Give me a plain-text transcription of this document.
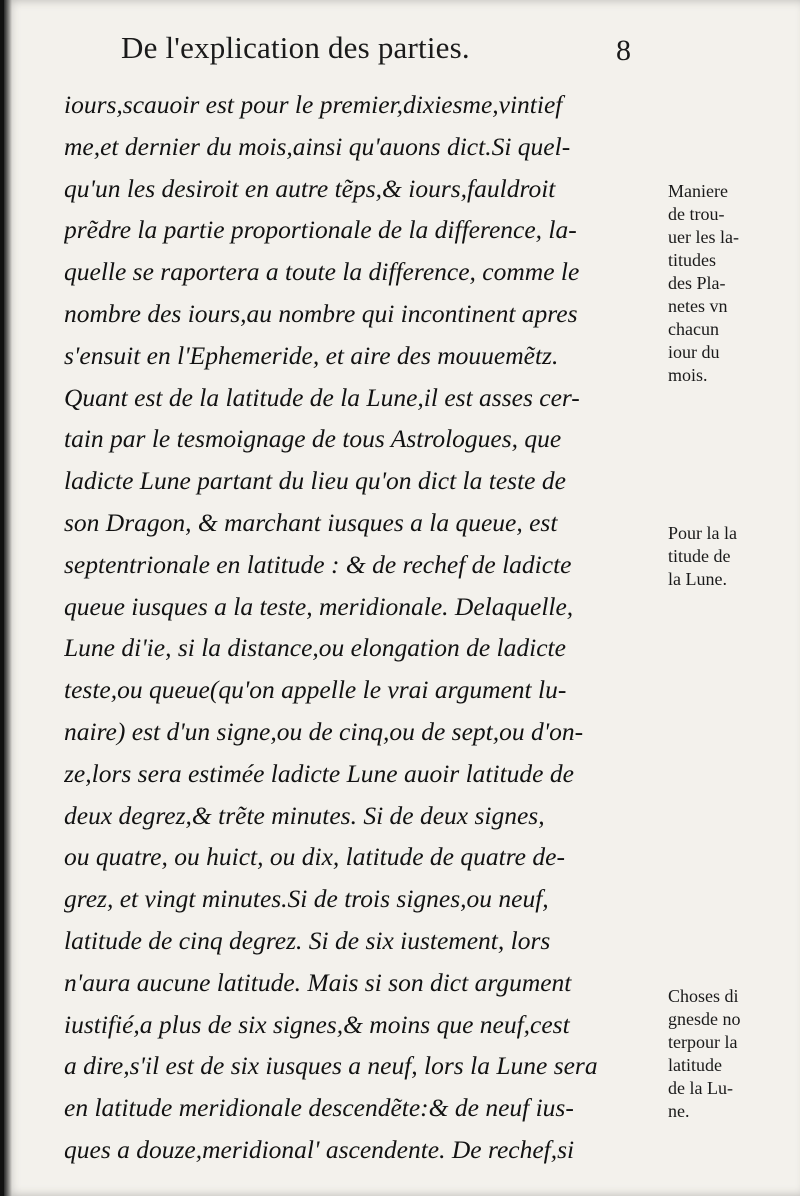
De l'explication des parties.	8
iours,scauoir est pour le premier,dixiesme,vintief
me,et dernier du mois,ainsi qu'auons dict.Si quel-
qu'un les desiroit en autre tẽps,& iours,fauldroit
prẽdre la partie proportionale de la difference, la-
quelle se raportera a toute la difference, comme le
nombre des iours,au nombre qui incontinent apres
s'ensuit en l'Ephemeride, et aire des mouuemẽtz.
Quant est de la latitude de la Lune,il est asses cer-
tain par le tesmoignage de tous Astrologues, que
ladicte Lune partant du lieu qu'on dict la teste de
son Dragon, & marchant iusques a la queue, est
septentrionale en latitude : & de rechef de ladicte
queue iusques a la teste, meridionale. Delaquelle,
Lune di'ie, si la distance,ou elongation de ladicte
teste,ou queue(qu'on appelle le vrai argument lu-
naire) est d'un signe,ou de cinq,ou de sept,ou d'on-
ze,lors sera estimée ladicte Lune auoir latitude de
deux degrez,& trẽte minutes. Si de deux signes,
ou quatre, ou huict, ou dix, latitude de quatre de-
grez, et vingt minutes.Si de trois signes,ou neuf,
latitude de cinq degrez. Si de six iustement, lors
n'aura aucune latitude. Mais si son dict argument
iustifié,a plus de six signes,& moins que neuf,cest
a dire,s'il est de six iusques a neuf, lors la Lune sera
en latitude meridionale descendẽte:& de neuf ius-
ques a douze,meridional' ascendente. De rechef,si
Maniere
de trou-
uer les la-
titudes
des Pla-
netes vn
chacun
iour du
mois.
Pour la la
titude de
la Lune.
Choses di
gnesde no
terpour la
latitude
de la Lu-
ne.
